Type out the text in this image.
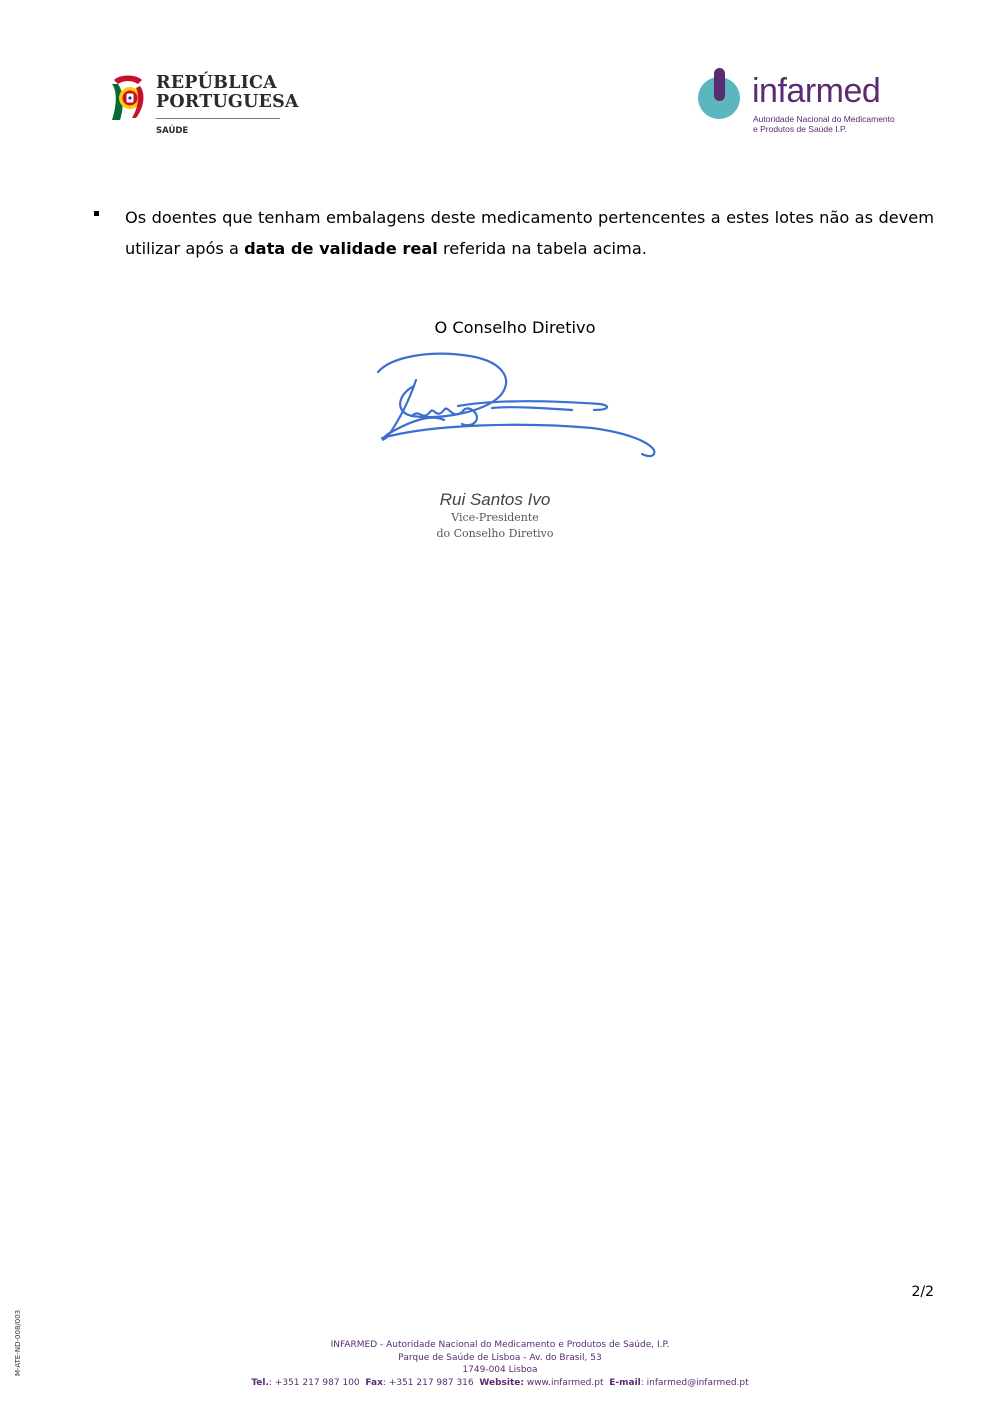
REPÚBLICA
PORTUGUESA
SAÚDE
infarmed
Autoridade Nacional do Medicamento
e Produtos de Saúde I.P.
Os doentes que tenham embalagens deste medicamento pertencentes a estes lotes não as devem utilizar após a data de validade real referida na tabela acima.
O Conselho Diretivo
Rui Santos Ivo
Vice-Presidente
do Conselho Diretivo
2/2
M-ATE-ND-008/003	INFARMED - Autoridade Nacional do Medicamento e Produtos de Saúde, I.P.
Parque de Saúde de Lisboa - Av. do Brasil, 53
1749-004 Lisboa
Tel.: +351 217 987 100 Fax: +351 217 987 316 Website: www.infarmed.pt E-mail: infarmed@infarmed.pt
